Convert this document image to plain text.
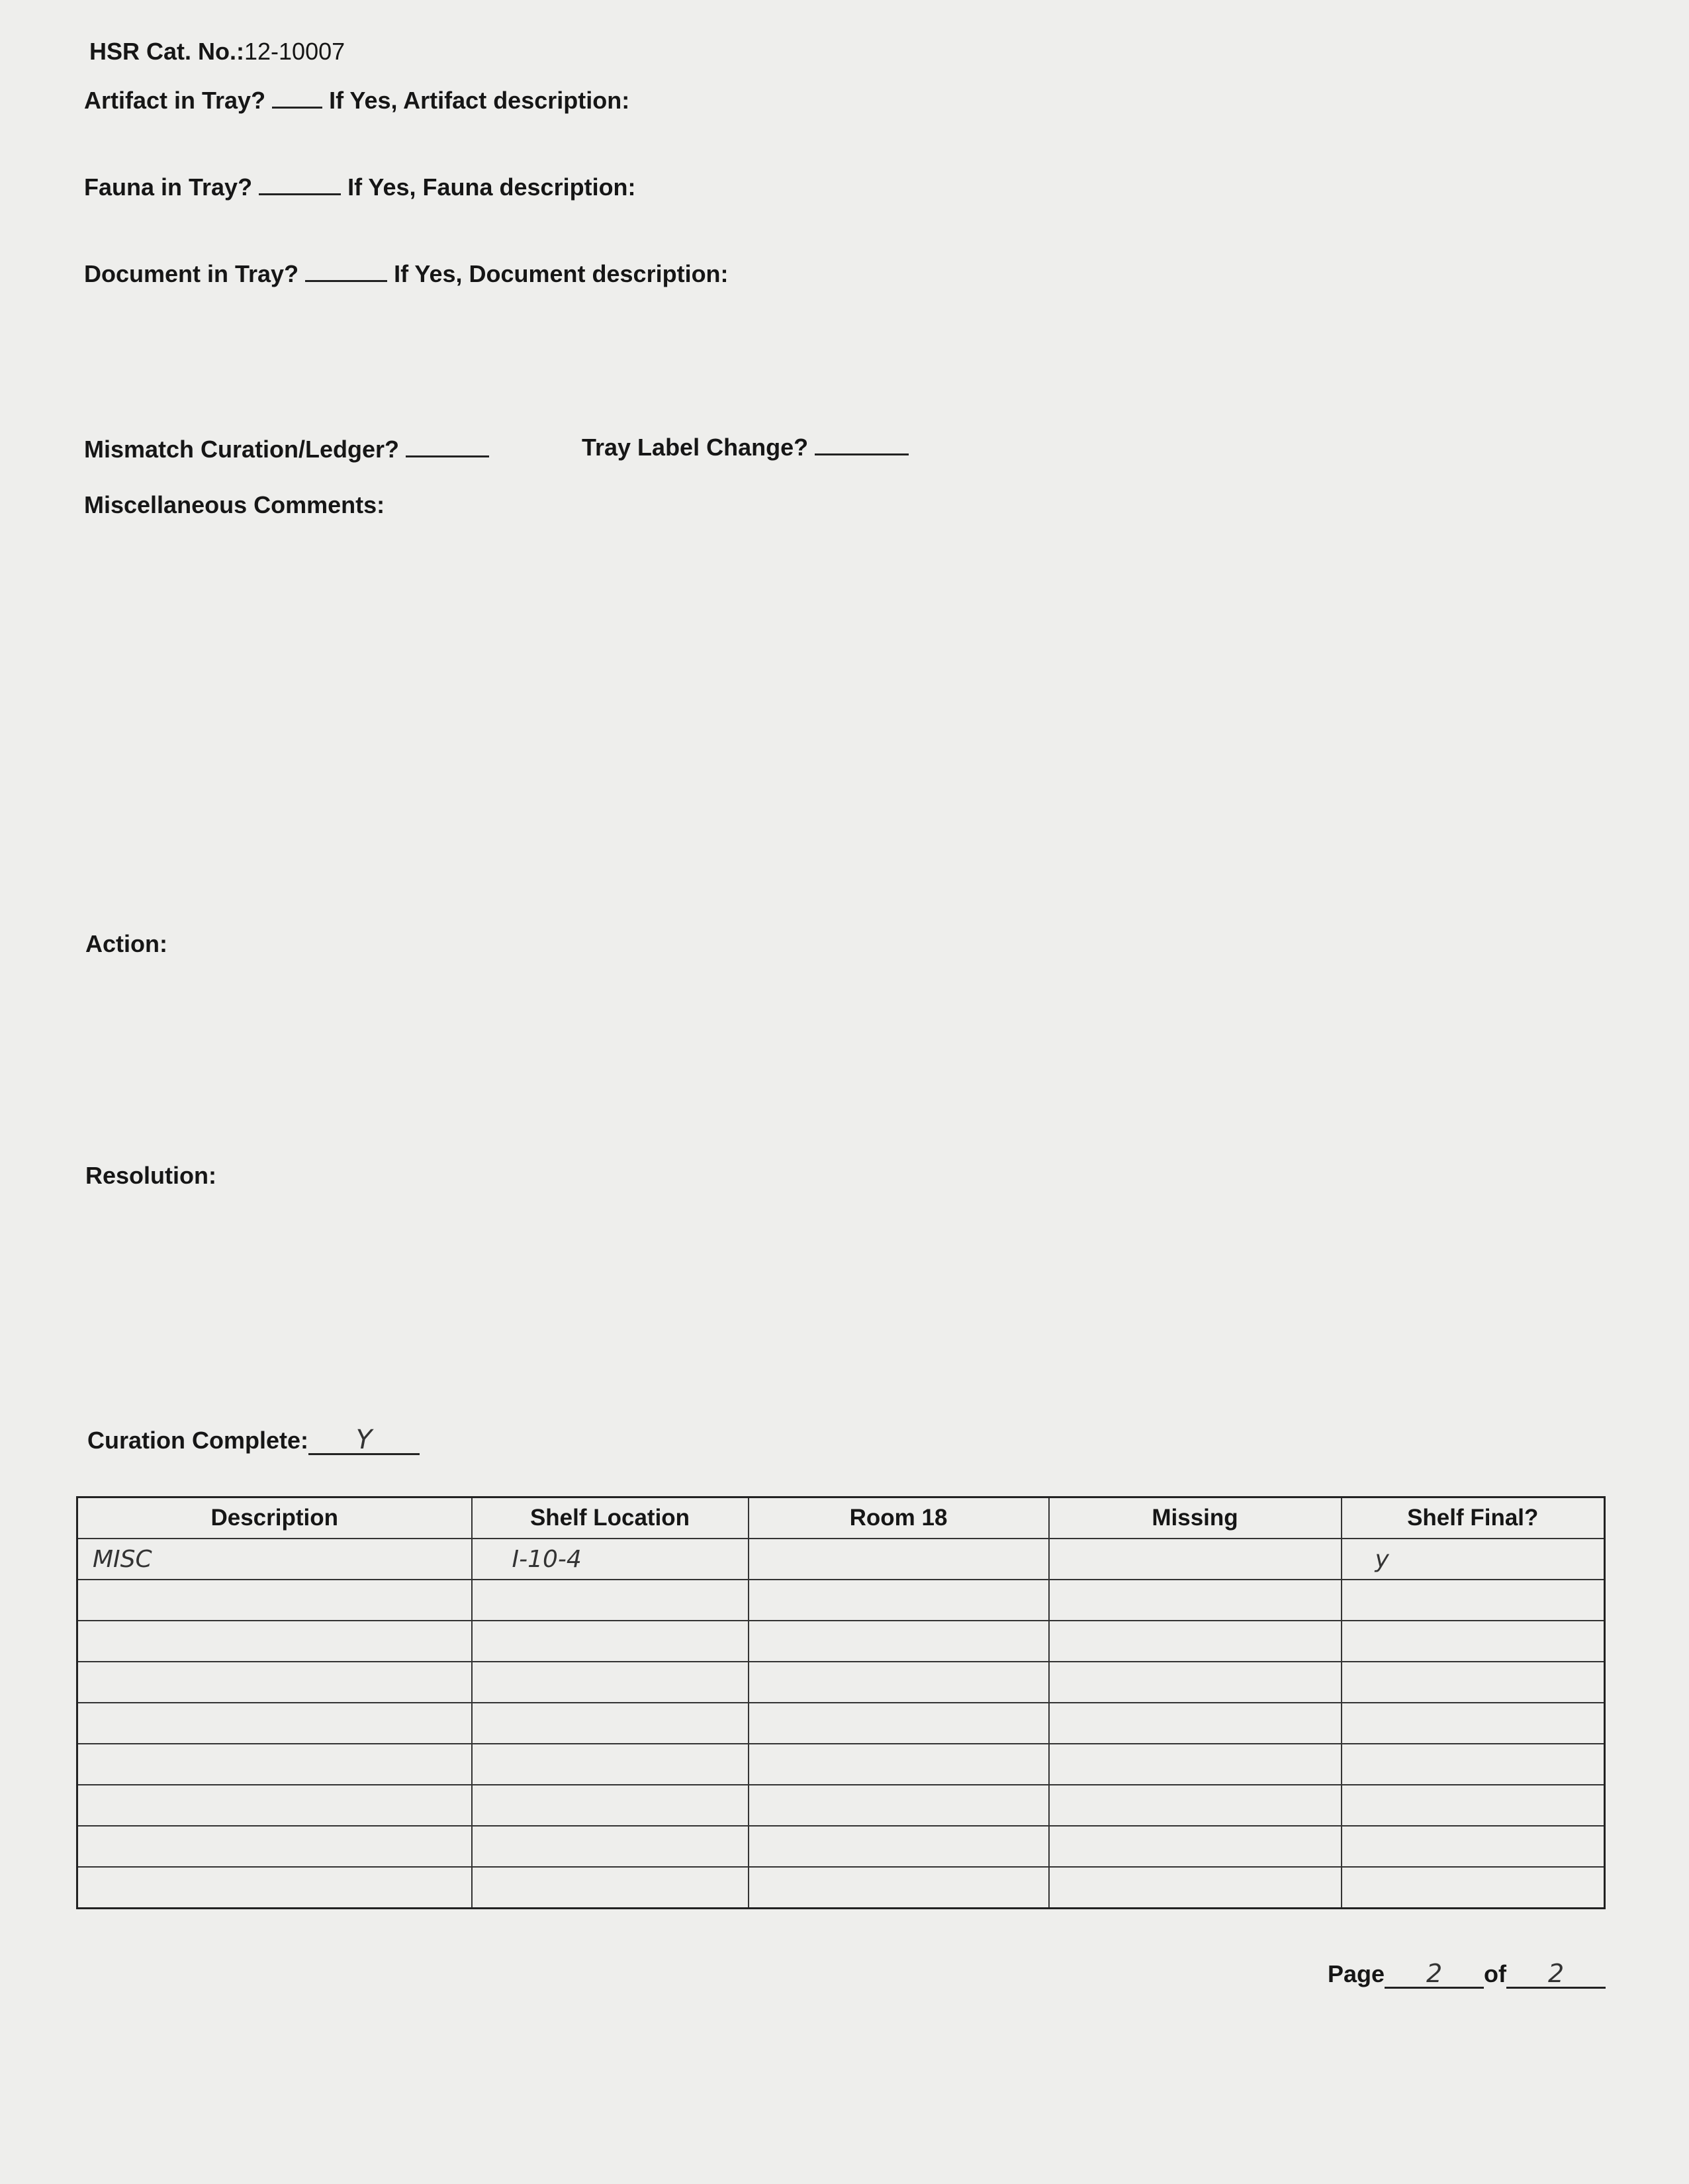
HSR Cat. No.:12-10007
Artifact in Tray?	If Yes, Artifact description:
Fauna in Tray?	If Yes, Fauna description:
Document in Tray?	If Yes, Document description:
Mismatch Curation/Ledger?	Tray Label Change?
Miscellaneous Comments:
Action:
Resolution:
Curation Complete: Y
Description	Shelf Location	Room 18	Missing	Shelf Final?
MISC	I-10-4			y

Page 2 of 2
